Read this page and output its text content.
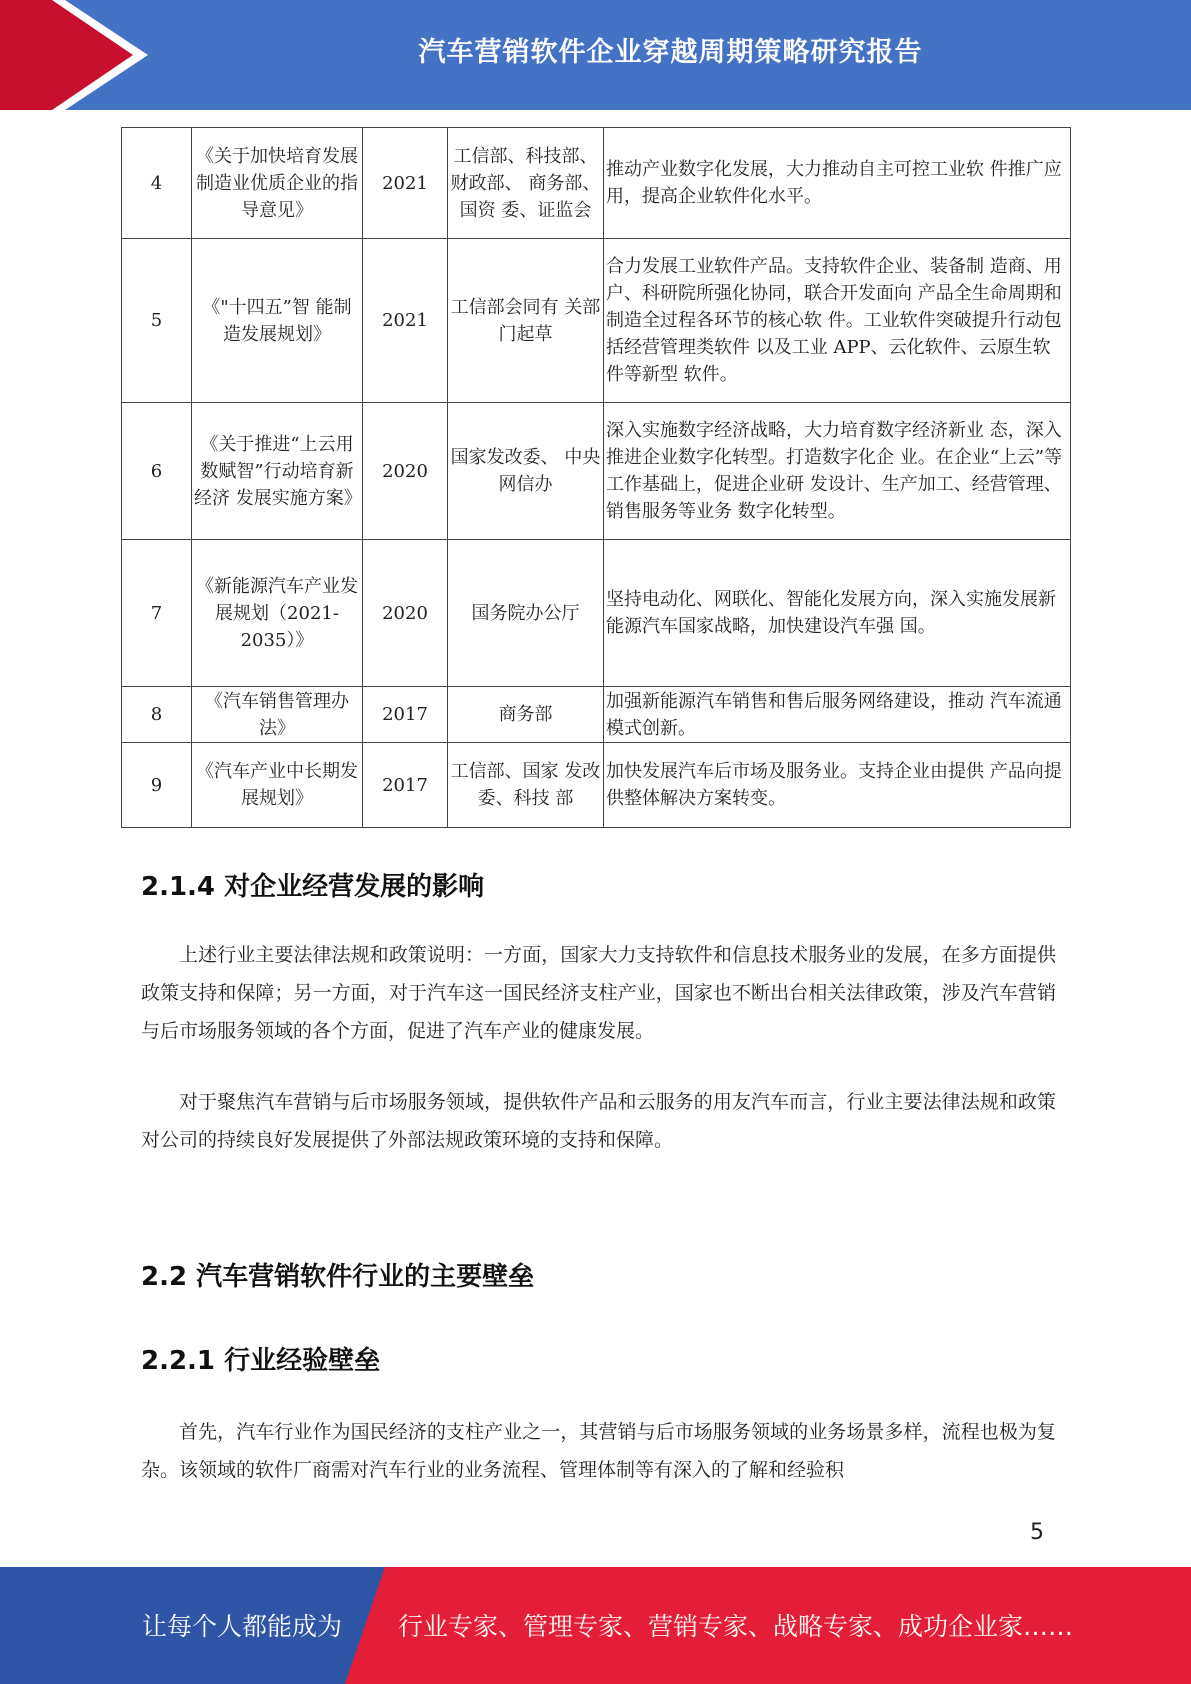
汽车营销软件企业穿越周期策略研究报告
4	《关于加快培育发展制造业优质企业的指导意见》	2021	工信部、科技部、财政部、 商务部、国资 委、证监会	推动产业数字化发展，大力推动自主可控工业软 件推广应用，提高企业软件化水平。
5	《"十四五”智 能制造发展规划》	2021	工信部会同有 关部门起草	合力发展工业软件产品。支持软件企业、装备制 造商、用户、科研院所强化协同，联合开发面向 产品全生命周期和制造全过程各环节的核心软 件。工业软件突破提升行动包括经营管理类软件 以及工业 APP、云化软件、云原生软件等新型 软件。
6	《关于推进“上云用数赋智”行动培育新经济 发展实施方案》	2020	国家发改委、 中央网信办	深入实施数字经济战略，大力培育数字经济新业 态，深入推进企业数字化转型。打造数字化企 业。在企业“上云”等工作基础上，促进企业研 发设计、生产加工、经营管理、销售服务等业务 数字化转型。
7	《新能源汽车产业发展规划（2021-2035）》	2020	国务院办公厅	坚持电动化、网联化、智能化发展方向，深入实施发展新能源汽车国家战略，加快建设汽车强 国。
8	《汽车销售管理办法》	2017	商务部	加强新能源汽车销售和售后服务网络建设，推动 汽车流通模式创新。
9	《汽车产业中长期发展规划》	2017	工信部、国家 发改委、科技 部	加快发展汽车后市场及服务业。支持企业由提供 产品向提供整体解决方案转变。
2.1.4 对企业经营发展的影响

上述行业主要法律法规和政策说明：一方面，国家大力支持软件和信息技术服务业的发展，在多方面提供政策支持和保障；另一方面，对于汽车这一国民经济支柱产业，国家也不断出台相关法律政策，涉及汽车营销与后市场服务领域的各个方面，促进了汽车产业的健康发展。

对于聚焦汽车营销与后市场服务领域，提供软件产品和云服务的用友汽车而言，行业主要法律法规和政策对公司的持续良好发展提供了外部法规政策环境的支持和保障。

2.2 汽车营销软件行业的主要壁垒
2.2.1 行业经验壁垒

首先，汽车行业作为国民经济的支柱产业之一，其营销与后市场服务领域的业务场景多样，流程也极为复杂。该领域的软件厂商需对汽车行业的业务流程、管理体制等有深入的了解和经验积

5
让每个人都能成为 行业专家、管理专家、营销专家、战略专家、成功企业家……
